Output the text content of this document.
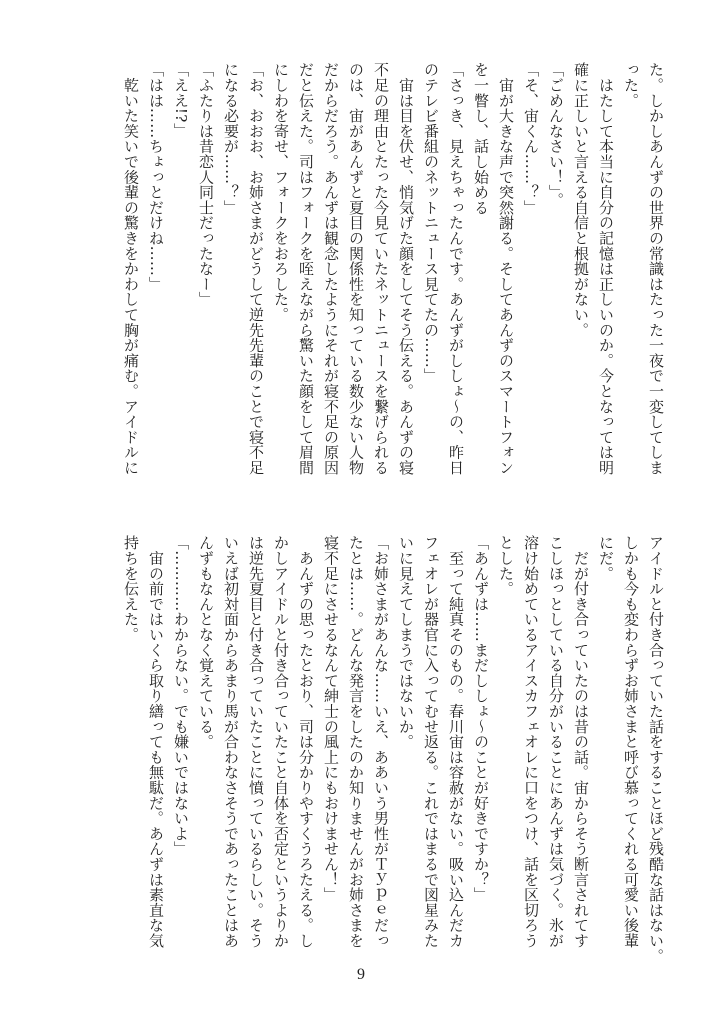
た。しかしあんずの世界の常識はたった一夜で一変してしま
った。
　はたして本当に自分の記憶は正しいのか。今となっては明
確に正しいと言える自信と根拠がない。
「ごめんなさい！」。
「そ、宙くん……？」
　宙が大きな声で突然謝る。そしてあんずのスマートフォン
を一瞥し、話し始める
「さっき、見えちゃったんです。あんずがししょ〜の、昨日
のテレビ番組のネットニュース見てたの……」
　宙は目を伏せ、悄気げた顔をしてそう伝える。あんずの寝
不足の理由とたった今見ていたネットニュースを繋げられる
のは、宙があんずと夏目の関係性を知っている数少ない人物
だからだろう。あんずは観念したようにそれが寝不足の原因
だと伝えた。司はフォークを咥えながら驚いた顔をして眉間
にしわを寄せ、フォークをおろした。
「お、おおお、お姉さまがどうして逆先先輩のことで寝不足
になる必要が……？」
「ふたりは昔恋人同士だったなー」
「ええ!?」
「はは……ちょっとだけね……」
　乾いた笑いで後輩の驚きをかわして胸が痛む。アイドルに
アイドルと付き合っていた話をすることほど残酷な話はない。
しかも今も変わらずお姉さまと呼び慕ってくれる可愛い後輩
にだ。
　だが付き合っていたのは昔の話。宙からそう断言されてす
こしほっとしている自分がいることにあんずは気づく。氷が
溶け始めているアイスカフェオレに口をつけ、話を区切ろう
とした。
「あんずは……まだししょ〜のことが好きですか？」
　至って純真そのもの。春川宙は容赦がない。吸い込んだカ
フェオレが器官に入ってむせ返る。これではまるで図星みた
いに見えてしまうではないか。
「お姉さまがあんな……いえ、ああいう男性がＴｙｐｅだっ
たとは……。どんな発言をしたのか知りませんがお姉さまを
寝不足にさせるなんて紳士の風上にもおけません！」
　あんずの思ったとおり、司は分かりやすくうろたえる。し
かしアイドルと付き合っていたこと自体を否定というよりか
は逆先夏目と付き合っていたことに憤っているらしい。そう
いえば初対面からあまり馬が合わなさそうであったことはあ
んずもなんとなく覚えている。
「…………わからない。でも嫌いではないよ」
　宙の前ではいくら取り繕っても無駄だ。あんずは素直な気
持ちを伝えた。
9
